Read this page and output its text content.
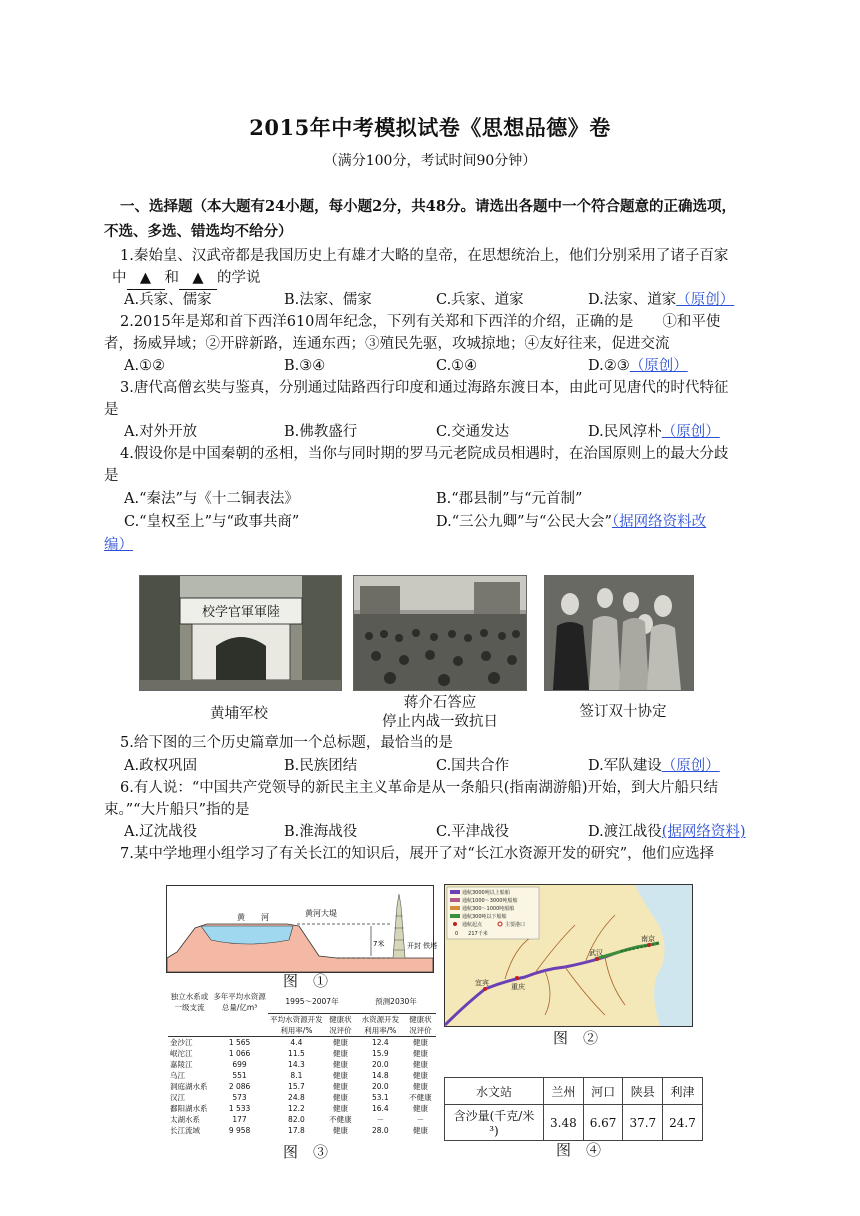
2015年中考模拟试卷《思想品德》卷
（满分100分，考试时间90分钟）
一、选择题（本大题有24小题，每小题2分，共48分。请选出各题中一个符合题意的正确选项，
不选、多选、错选均不给分）
1.秦始皇、汉武帝都是我国历史上有雄才大略的皇帝，在思想统治上，他们分别采用了诸子百家
中 ▲ 和 ▲ 的学说
A.兵家、儒家	B.法家、儒家	C.兵家、道家	D.法家、道家（原创）
2.2015年是郑和首下西洋610周年纪念，下列有关郑和下西洋的介绍，正确的是　　①和平使
者，扬威异域；②开辟新路，连通东西；③殖民先驱，攻城掠地；④友好往来，促进交流
A.①②	B.③④	C.①④	D.②③（原创）
3.唐代高僧玄奘与鉴真，分别通过陆路西行印度和通过海路东渡日本，由此可见唐代的时代特征
是
A.对外开放	B.佛教盛行	C.交通发达	D.民风淳朴（原创）
4.假设你是中国秦朝的丞相，当你与同时期的罗马元老院成员相遇时，在治国原则上的最大分歧
是
A.“秦法”与《十二铜表法》	B.“郡县制”与“元首制”
C.“皇权至上”与“政事共商”	D.“三公九卿”与“公民大会”（据网络资料改
编）
校学官軍軍陸
黄埔军校
蒋介石答应
停止内战一致抗日
签订双十协定
5.给下图的三个历史篇章加一个总标题，最恰当的是
A.政权巩固	B.民族团结	C.国共合作	D.军队建设（原创）
6.有人说：“中国共产党领导的新民主主义革命是从一条船只(指南湖游船)开始，到大片船只结
束。”“大片船只”指的是
A.辽沈战役	B.淮海战役	C.平津战役	D.渡江战役(据网络资料)
7.某中学地理小组学习了有关长江的知识后，展开了对“长江水资源开发的研究”，他们应选择
黄　　河	黄河大堤
7米	开封 铁塔
图　①
通航3000吨以上船舶
通航1000～3000吨船舶
通航300～1000吨船舶
通航300吨以下船舶
通航起点	主要港口
0　　217千米
宜宾	重庆
武汉
南京
图　②
独立水系或一级支流	多年平均水资源总量/亿m³	1995～2007年		预测2030年	
		平均水资源开发利用率/%	健康状况评价	水资源开发利用率/%	健康状况评价
金沙江	1 565	4.4	健康	12.4	健康
岷沱江	1 066	11.5	健康	15.9	健康
嘉陵江	699	14.3	健康	20.0	健康
乌江	551	8.1	健康	14.8	健康
洞庭湖水系	2 086	15.7	健康	20.0	健康
汉江	573	24.8	健康	53.1	不健康
鄱阳湖水系	1 533	12.2	健康	16.4	健康
太湖水系	177	82.0	不健康	－	－
长江流域	9 958	17.8	健康	28.0	健康
图　③
水文站	兰州	河口	陕县	利津
含沙量(千克/米³)	3.48	6.67	37.7	24.7
图　④
